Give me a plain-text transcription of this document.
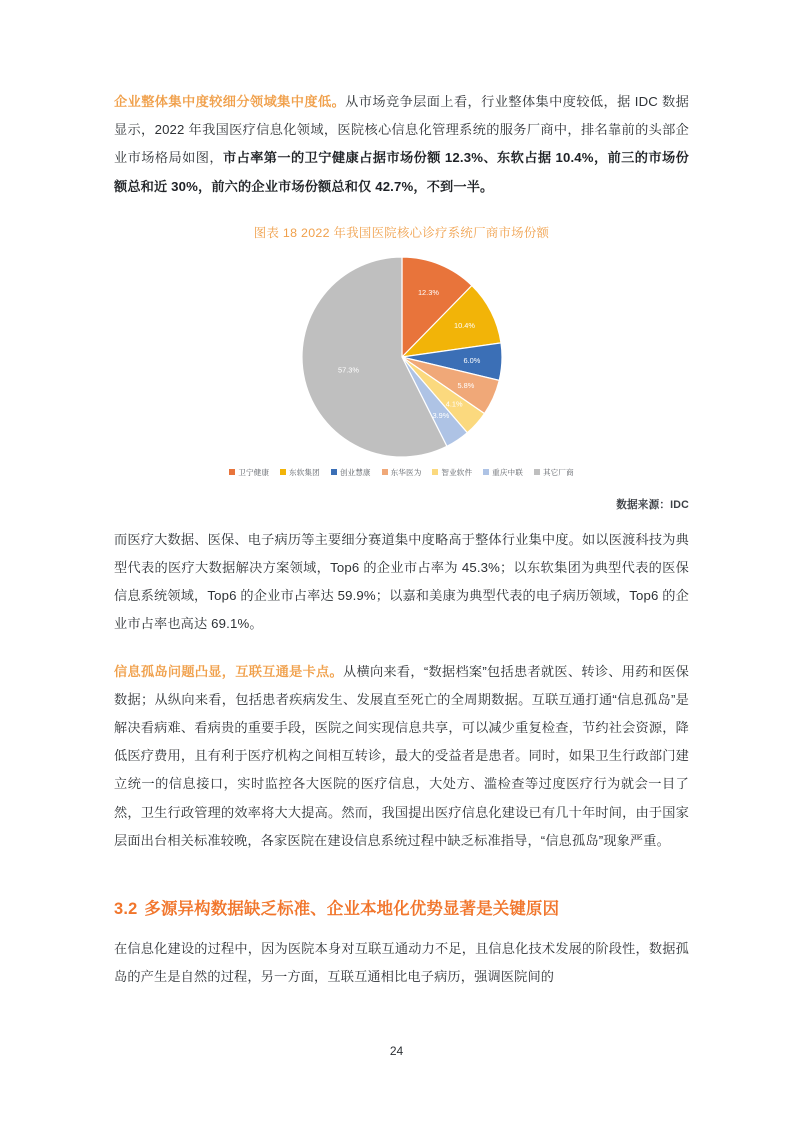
企业整体集中度较细分领域集中度低。从市场竞争层面上看，行业整体集中度较低，据 IDC 数据显示，2022 年我国医疗信息化领域，医院核心信息化管理系统的服务厂商中，排名靠前的头部企业市场格局如图，市占率第一的卫宁健康占据市场份额 12.3%、东软占据 10.4%，前三的市场份额总和近 30%，前六的企业市场份额总和仅 42.7%，不到一半。

图表 18 2022 年我国医院核心诊疗系统厂商市场份额
12.3%
10.4%
6.0%
5.8%
4.1%
3.9%
57.3%
卫宁健康	东软集团	创业慧康	东华医为	智业软件	重庆中联	其它厂商
数据来源：IDC

而医疗大数据、医保、电子病历等主要细分赛道集中度略高于整体行业集中度。如以医渡科技为典型代表的医疗大数据解决方案领域，Top6 的企业市占率为 45.3%；以东软集团为典型代表的医保信息系统领域，Top6 的企业市占率达 59.9%；以嘉和美康为典型代表的电子病历领域，Top6 的企业市占率也高达 69.1%。

信息孤岛问题凸显，互联互通是卡点。从横向来看，“数据档案”包括患者就医、转诊、用药和医保数据；从纵向来看，包括患者疾病发生、发展直至死亡的全周期数据。互联互通打通“信息孤岛”是解决看病难、看病贵的重要手段，医院之间实现信息共享，可以减少重复检查，节约社会资源，降低医疗费用，且有利于医疗机构之间相互转诊，最大的受益者是患者。同时，如果卫生行政部门建立统一的信息接口，实时监控各大医院的医疗信息，大处方、滥检查等过度医疗行为就会一目了然，卫生行政管理的效率将大大提高。然而，我国提出医疗信息化建设已有几十年时间，由于国家层面出台相关标准较晚，各家医院在建设信息系统过程中缺乏标准指导，“信息孤岛”现象严重。

3.2 多源异构数据缺乏标准、企业本地化优势显著是关键原因

在信息化建设的过程中，因为医院本身对互联互通动力不足，且信息化技术发展的阶段性，数据孤岛的产生是自然的过程，另一方面，互联互通相比电子病历，强调医院间的

24
